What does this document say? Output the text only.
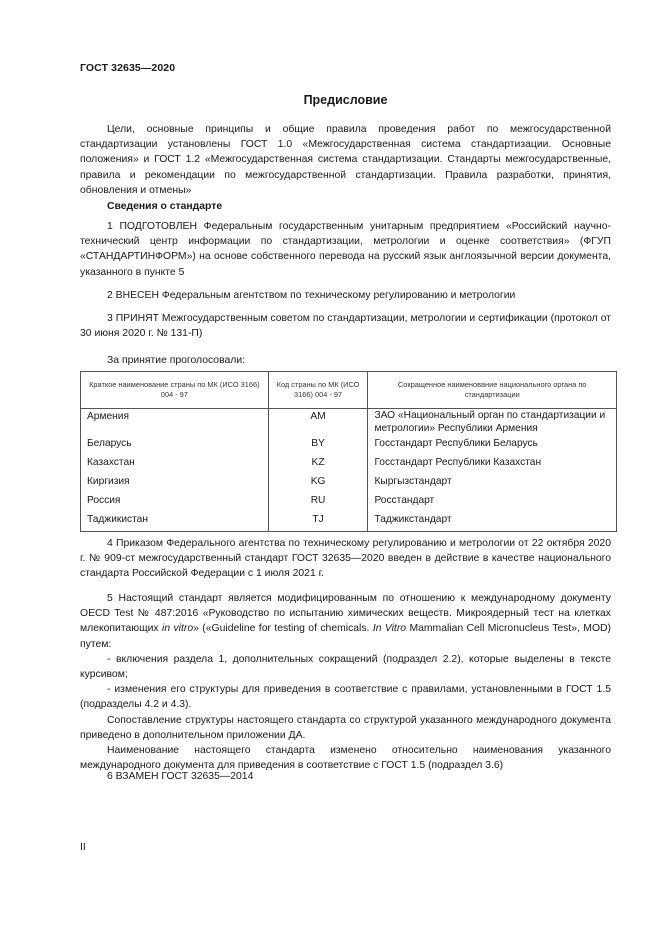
ГОСТ 32635—2020
Предисловие

Цели, основные принципы и общие правила проведения работ по межгосударственной стандартизации установлены ГОСТ 1.0 «Межгосударственная система стандартизации. Основные положения» и ГОСТ 1.2 «Межгосударственная система стандартизации. Стандарты межгосударственные, правила и рекомендации по межгосударственной стандартизации. Правила разработки, принятия, обновления и отмены»

Сведения о стандарте

1 ПОДГОТОВЛЕН Федеральным государственным унитарным предприятием «Российский научно-технический центр информации по стандартизации, метрологии и оценке соответствия» (ФГУП «СТАНДАРТИНФОРМ») на основе собственного перевода на русский язык англоязычной версии документа, указанного в пункте 5

2 ВНЕСЕН Федеральным агентством по техническому регулированию и метрологии

3 ПРИНЯТ Межгосударственным советом по стандартизации, метрологии и сертификации (протокол от 30 июня 2020 г. № 131-П)

За принятие проголосовали:
Краткое наименование страны по МК (ИСО 3166) 004 - 97	Код страны по МК (ИСО 3166) 004 - 97	Сокращенное наименование национального органа по стандартизации
Армения	AM	ЗАО «Национальный орган по стандартизации и метрологии» Республики Армения
Беларусь	BY	Госстандарт Республики Беларусь
Казахстан	KZ	Госстандарт Республики Казахстан
Киргизия	KG	Кыргызстандарт
Россия	RU	Росстандарт
Таджикистан	TJ	Таджикстандарт

4 Приказом Федерального агентства по техническому регулированию и метрологии от 22 октября 2020 г. № 909-ст межгосударственный стандарт ГОСТ 32635—2020 введен в действие в качестве национального стандарта Российской Федерации с 1 июля 2021 г.

5 Настоящий стандарт является модифицированным по отношению к международному документу OECD Test № 487:2016 «Руководство по испытанию химических веществ. Микроядерный тест на клетках млекопитающих in vitro» («Guideline for testing of chemicals. In Vitro Mammalian Cell Micronucleus Test», MOD) путем:

- включения раздела 1, дополнительных сокращений (подраздел 2.2), которые выделены в тексте курсивом;

- изменения его структуры для приведения в соответствие с правилами, установленными в ГОСТ 1.5 (подразделы 4.2 и 4.3).

Сопоставление структуры настоящего стандарта со структурой указанного международного документа приведено в дополнительном приложении ДА.

Наименование настоящего стандарта изменено относительно наименования указанного международного документа для приведения в соответствие с ГОСТ 1.5 (подраздел 3.6)

6 ВЗАМЕН ГОСТ 32635—2014

II
